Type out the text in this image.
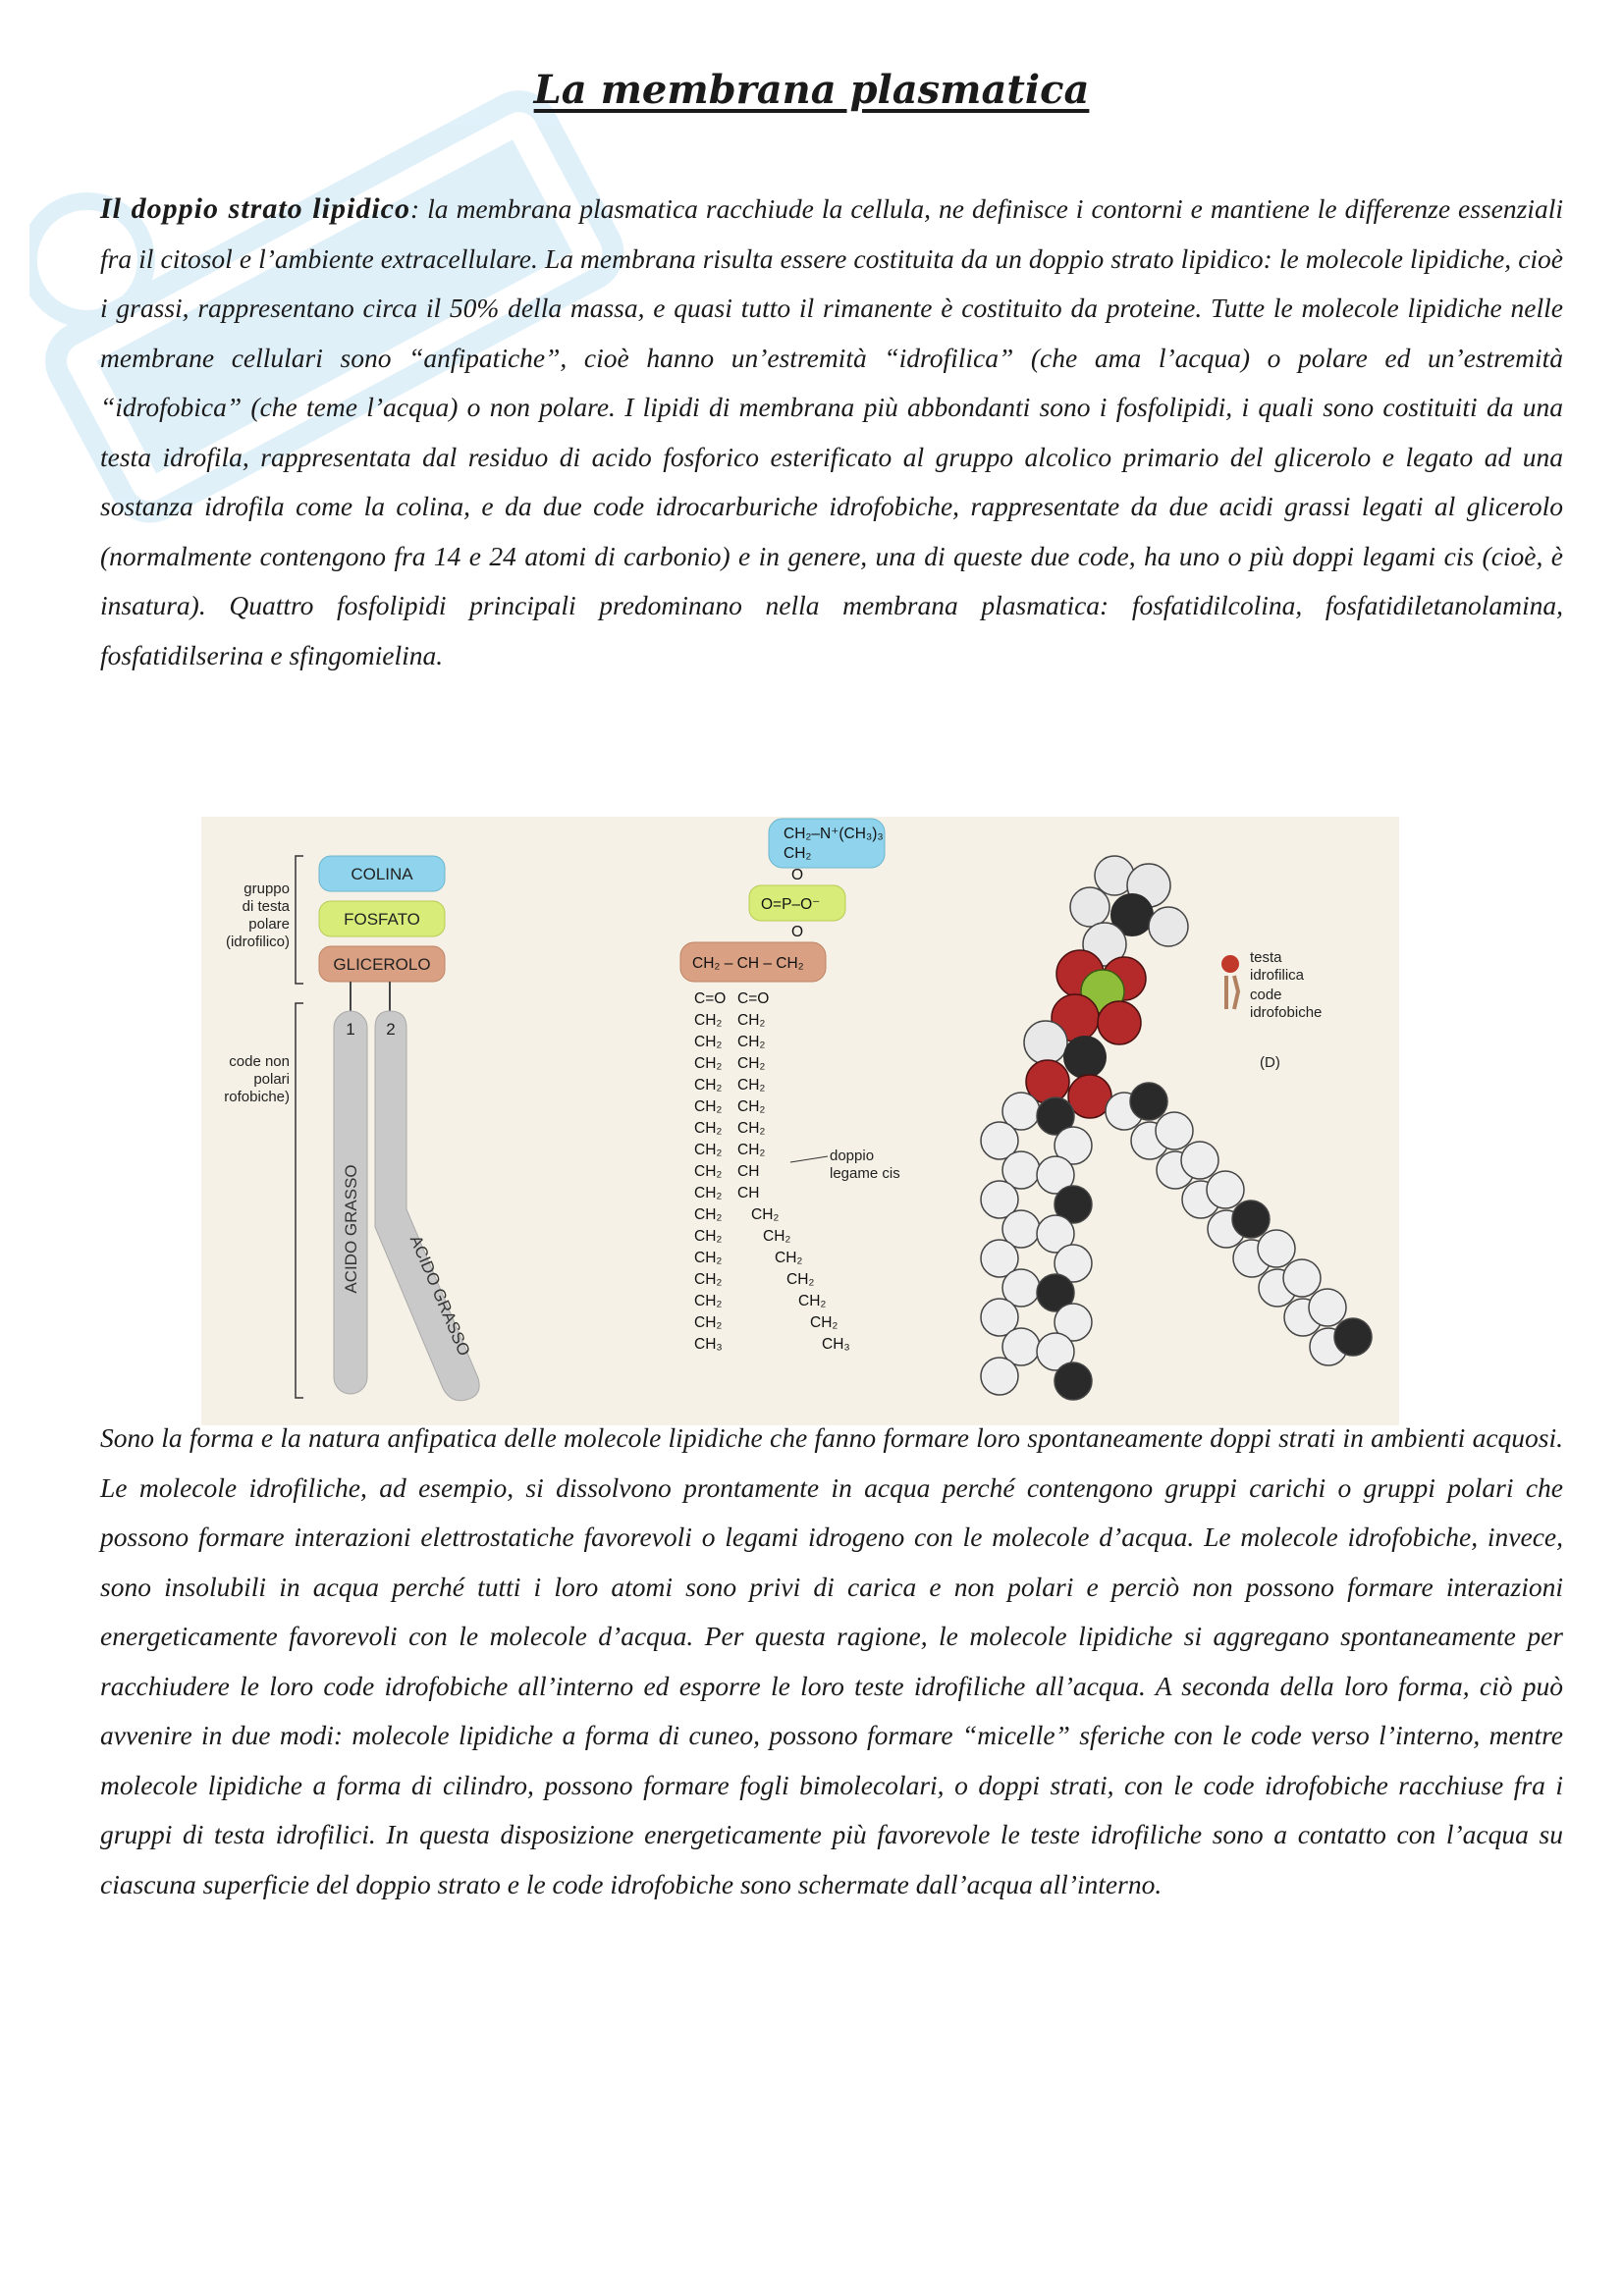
La membrana plasmatica
Il doppio strato lipidico: la membrana plasmatica racchiude la cellula, ne definisce i contorni e mantiene le differenze essenziali fra il citosol e l’ambiente extracellulare. La membrana risulta essere costituita da un doppio strato lipidico: le molecole lipidiche, cioè i grassi, rappresentano circa il 50% della massa, e quasi tutto il rimanente è costituito da proteine. Tutte le molecole lipidiche nelle membrane cellulari sono “anfipatiche”, cioè hanno un’estremità “idrofilica” (che ama l’acqua) o polare ed un’estremità “idrofobica” (che teme l’acqua) o non polare. I lipidi di membrana più abbondanti sono i fosfolipidi, i quali sono costituiti da una testa idrofila, rappresentata dal residuo di acido fosforico esterificato al gruppo alcolico primario del glicerolo e legato ad una sostanza idrofila come la colina, e da due code idrocarburiche idrofobiche, rappresentate da due acidi grassi legati al glicerolo (normalmente contengono fra 14 e 24 atomi di carbonio) e in genere, una di queste due code, ha uno o più doppi legami cis (cioè, è insatura). Quattro fosfolipidi principali predominano nella membrana plasmatica: fosfatidilcolina, fosfatidiletanolamina, fosfatidilserina e sfingomielina.
gruppo
di testa
polare
(idrofilico)
COLINA
FOSFATO
GLICEROLO
1 2
ACIDO GRASSO
ACIDO GRASSO
code non
polari
rofobiche)
CH₂–N⁺(CH₃)₃
CH₂
O
O=P–O⁻
O
CH₂ – CH – CH₂
C=O C=O
CH₂
CH₂
CH₂
CH₂
CH₂
CH₂
CH₂
CH₂
CH₂
CH₂
CH₂
CH₂
CH₂
CH₂
CH₂
CH₃
CH₂
CH₂
CH₂
CH₂
CH₂
CH₂
CH₂
CH
CH
CH₂
CH₂
CH₂
CH₂
CH₂
CH₂
CH₃
doppio
legame cis
testa
idrofilica
code
idrofobiche
(D)
Sono la forma e la natura anfipatica delle molecole lipidiche che fanno formare loro spontaneamente doppi strati in ambienti acquosi. Le molecole idrofiliche, ad esempio, si dissolvono prontamente in acqua perché contengono gruppi carichi o gruppi polari che possono formare interazioni elettrostatiche favorevoli o legami idrogeno con le molecole d’acqua. Le molecole idrofobiche, invece, sono insolubili in acqua perché tutti i loro atomi sono privi di carica e non polari e perciò non possono formare interazioni energeticamente favorevoli con le molecole d’acqua. Per questa ragione, le molecole lipidiche si aggregano spontaneamente per racchiudere le loro code idrofobiche all’interno ed esporre le loro teste idrofiliche all’acqua. A seconda della loro forma, ciò può avvenire in due modi: molecole lipidiche a forma di cuneo, possono formare “micelle” sferiche con le code verso l’interno, mentre molecole lipidiche a forma di cilindro, possono formare fogli bimolecolari, o doppi strati, con le code idrofobiche racchiuse fra i gruppi di testa idrofilici. In questa disposizione energeticamente più favorevole le teste idrofiliche sono a contatto con l’acqua su ciascuna superficie del doppio strato e le code idrofobiche sono schermate dall’acqua all’interno.
